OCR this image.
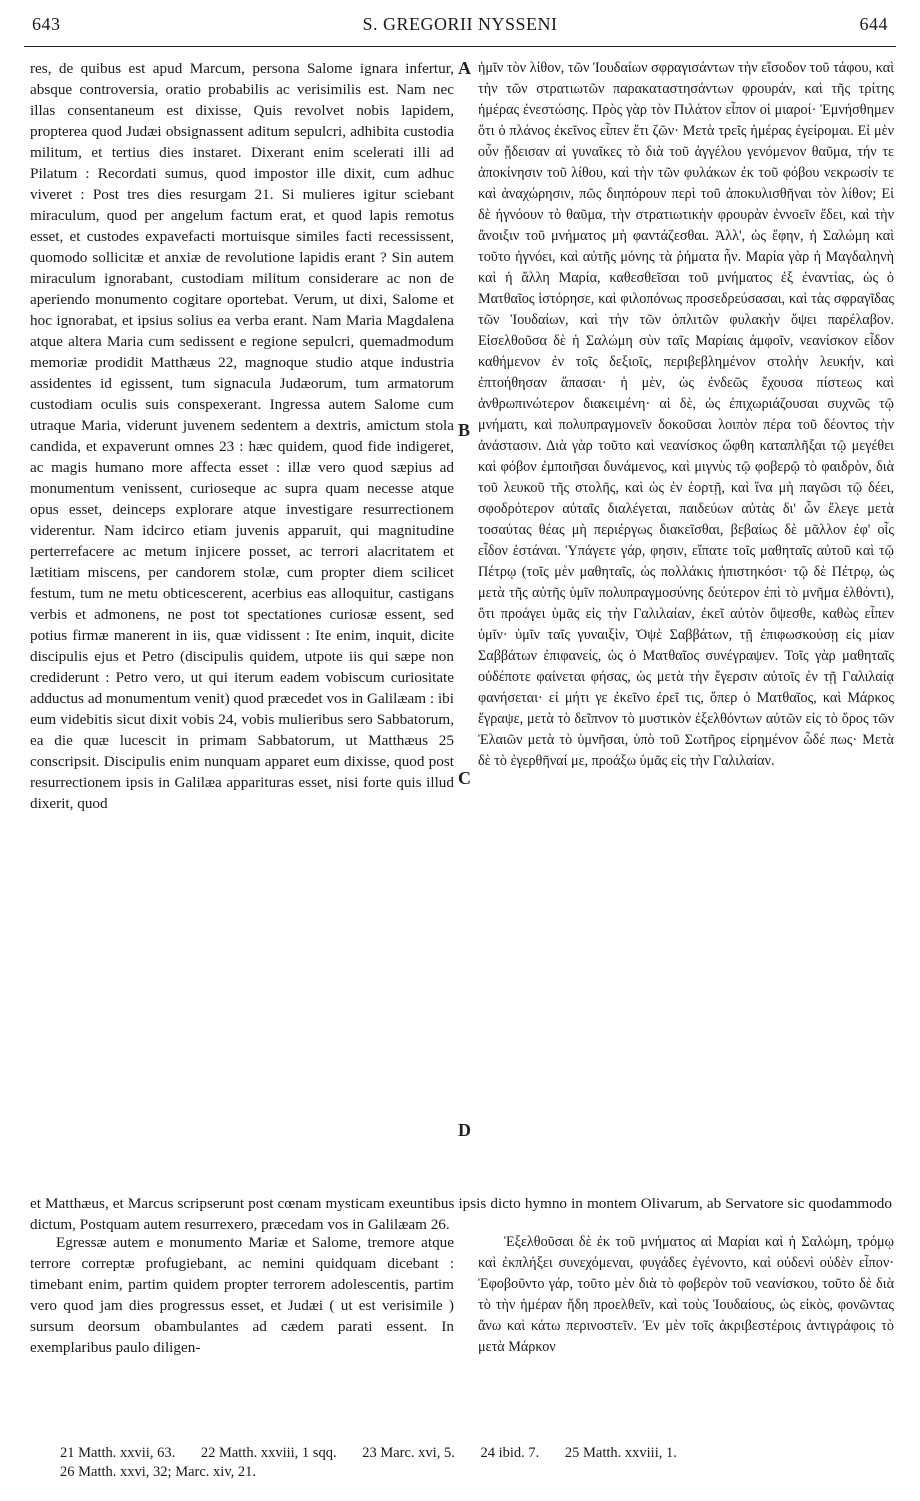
643	S. GREGORII NYSSENI	644
A
B
C
D

res, de quibus est apud Marcum, persona Salome ignara infertur, absque controversia, oratio probabilis ac verisimilis est. Nam nec illas consentaneum est dixisse, Quis revolvet nobis lapidem, propterea quod Judæi obsignassent aditum sepulcri, adhibita custodia militum, et tertius dies instaret. Dixerant enim scelerati illi ad Pilatum : Recordati sumus, quod impostor ille dixit, cum adhuc viveret : Post tres dies resurgam 21. Si mulieres igitur sciebant miraculum, quod per angelum factum erat, et quod lapis remotus esset, et custodes expavefacti mortuisque similes facti recessissent, quomodo sollicitæ et anxiæ de revolutione lapidis erant ? Sin autem miraculum ignorabant, custodiam militum considerare ac non de aperiendo monumento cogitare oportebat. Verum, ut dixi, Salome et hoc ignorabat, et ipsius solius ea verba erant. Nam Maria Magdalena atque altera Maria cum sedissent e regione sepulcri, quemadmodum memoriæ prodidit Matthæus 22, magnoque studio atque industria assidentes id egissent, tum signacula Judæorum, tum armatorum custodiam oculis suis conspexerant. Ingressa autem Salome cum utraque Maria, viderunt juvenem sedentem a dextris, amictum stola candida, et expaverunt omnes 23 : hæc quidem, quod fide indigeret, ac magis humano more affecta esset : illæ vero quod sæpius ad monumentum venissent, curioseque ac supra quam necesse atque opus esset, deinceps explorare atque investigare resurrectionem viderentur. Nam idcirco etiam juvenis apparuit, qui magnitudine perterrefacere ac metum injicere posset, ac terrori alacritatem et lætitiam miscens, per candorem stolæ, cum propter diem scilicet festum, tum ne metu obticescerent, acerbius eas alloquitur, castigans verbis et admonens, ne post tot spectationes curiosæ essent, sed potius firmæ manerent in iis, quæ vidissent : Ite enim, inquit, dicite discipulis ejus et Petro (discipulis quidem, utpote iis qui sæpe non crediderunt : Petro vero, ut qui iterum eadem vobiscum curiositate adductus ad monumentum venit) quod præcedet vos in Galilæam : ibi eum videbitis sicut dixit vobis 24, vobis mulieribus sero Sabbatorum, ea die quæ lucescit in primam Sabbatorum, ut Matthæus 25 conscripsit. Discipulis enim nunquam apparet eum dixisse, quod post resurrectionem ipsis in Galilæa apparituras esset, nisi forte quis illud dixerit, quod

ἡμῖν τὸν λίθον, τῶν Ἰουδαίων σφραγισάντων τὴν εἴσοδον τοῦ τάφου, καὶ τὴν τῶν στρατιωτῶν παρακαταστησάντων φρουράν, καὶ τῆς τρίτης ἡμέρας ἐνεστώσης. Πρὸς γὰρ τὸν Πιλάτον εἶπον οἱ μιαροί· Ἐμνήσθημεν ὅτι ὁ πλάνος ἐκεῖνος εἶπεν ἔτι ζῶν· Μετὰ τρεῖς ἡμέρας ἐγείρομαι. Εἰ μὲν οὖν ᾔδεισαν αἱ γυναῖκες τὸ διὰ τοῦ ἀγγέλου γενόμενον θαῦμα, τήν τε ἀποκίνησιν τοῦ λίθου, καὶ τὴν τῶν φυλάκων ἐκ τοῦ φόβου νεκρωσίν τε καὶ ἀναχώρησιν, πῶς διηπόρουν περὶ τοῦ ἀποκυλισθῆναι τὸν λίθον; Εἰ δὲ ἠγνόουν τὸ θαῦμα, τὴν στρατιωτικὴν φρουρὰν ἐννοεῖν ἔδει, καὶ τὴν ἄνοιξιν τοῦ μνήματος μὴ φαντάζεσθαι. Ἀλλ', ὡς ἔφην, ἡ Σαλώμη καὶ τοῦτο ἠγνόει, καὶ αὐτῆς μόνης τὰ ῥήματα ἦν. Μαρία γὰρ ἡ Μαγδαληνὴ καὶ ἡ ἄλλη Μαρία, καθεσθεῖσαι τοῦ μνήματος ἐξ ἐναντίας, ὡς ὁ Ματθαῖος ἱστόρησε, καὶ φιλοπόνως προσεδρεύσασαι, καὶ τὰς σφραγῖδας τῶν Ἰουδαίων, καὶ τὴν τῶν ὁπλιτῶν φυλακὴν ὄψει παρέλαβον. Εἰσελθοῦσα δὲ ἡ Σαλώμη σὺν ταῖς Μαρίαις ἀμφοῖν, νεανίσκον εἶδον καθήμενον ἐν τοῖς δεξιοῖς, περιβεβλημένον στολὴν λευκήν, καὶ ἐπτοήθησαν ἅπασαι· ἡ μὲν, ὡς ἐνδεῶς ἔχουσα πίστεως καὶ ἀνθρωπινώτερον διακειμένη· αἱ δὲ, ὡς ἐπιχωριάζουσαι συχνῶς τῷ μνήματι, καὶ πολυπραγμονεῖν δοκοῦσαι λοιπὸν πέρα τοῦ δέοντος τὴν ἀνάστασιν. Διὰ γὰρ τοῦτο καὶ νεανίσκος ὤφθη καταπλῆξαι τῷ μεγέθει καὶ φόβον ἐμποιῆσαι δυνάμενος, καὶ μιγνὺς τῷ φοβερῷ τὸ φαιδρὸν, διὰ τοῦ λευκοῦ τῆς στολῆς, καὶ ὡς ἐν ἑορτῇ, καὶ ἵνα μὴ παγῶσι τῷ δέει, σφοδρότερον αὐταῖς διαλέγεται, παιδεύων αὐτὰς δι' ὧν ἔλεγε μετὰ τοσαύτας θέας μὴ περιέργως διακεῖσθαι, βεβαίως δὲ μᾶλλον ἐφ' οἷς εἶδον ἑστάναι. Ὑπάγετε γάρ, φησιν, εἴπατε τοῖς μαθηταῖς αὐτοῦ καὶ τῷ Πέτρῳ (τοῖς μὲν μαθηταῖς, ὡς πολλάκις ἠπιστηκόσι· τῷ δὲ Πέτρῳ, ὡς μετὰ τῆς αὐτῆς ὑμῖν πολυπραγμοσύνης δεύτερον ἐπὶ τὸ μνῆμα ἐλθόντι), ὅτι προάγει ὑμᾶς εἰς τὴν Γαλιλαίαν, ἐκεῖ αὐτὸν ὄψεσθε, καθὼς εἶπεν ὑμῖν· ὑμῖν ταῖς γυναιξὶν, Ὀψὲ Σαββάτων, τῇ ἐπιφωσκούσῃ εἰς μίαν Σαββάτων ἐπιφανείς, ὡς ὁ Ματθαῖος συνέγραψεν. Τοῖς γὰρ μαθηταῖς οὐδέποτε φαίνεται φήσας, ὡς μετὰ τὴν ἔγερσιν αὐτοῖς ἐν τῇ Γαλιλαίᾳ φανήσεται· εἰ μήτι γε ἐκεῖνο ἐρεῖ τις, ὅπερ ὁ Ματθαῖος, καὶ Μάρκος ἔγραψε, μετὰ τὸ δεῖπνον τὸ μυστικὸν ἐξελθόντων αὐτῶν εἰς τὸ ὄρος τῶν Ἐλαιῶν μετὰ τὸ ὑμνῆσαι, ὑπὸ τοῦ Σωτῆρος εἰρημένον ὧδέ πως· Μετὰ δὲ τὸ ἐγερθῆναί με, προάξω ὑμᾶς εἰς τὴν Γαλιλαίαν.

et Matthæus, et Marcus scripserunt post cœnam mysticam exeuntibus ipsis dicto hymno in montem Olivarum, ab Servatore sic quodammodo dictum, Postquam autem resurrexero, præcedam vos in Galilæam 26.

Egressæ autem e monumento Mariæ et Salome, tremore atque terrore correptæ profugiebant, ac nemini quidquam dicebant : timebant enim, partim quidem propter terrorem adolescentis, partim vero quod jam dies progressus esset, et Judæi ( ut est verisimile ) sursum deorsum obambulantes ad cædem parati essent. In exemplaribus paulo diligen-

Ἐξελθοῦσαι δὲ ἐκ τοῦ μνήματος αἱ Μαρίαι καὶ ἡ Σαλώμη, τρόμῳ καὶ ἐκπλήξει συνεχόμεναι, φυγάδες ἐγένοντο, καὶ οὐδενὶ οὐδὲν εἶπον· Ἐφοβοῦντο γάρ, τοῦτο μὲν διὰ τὸ φοβερὸν τοῦ νεανίσκου, τοῦτο δὲ διὰ τὸ τὴν ἡμέραν ἤδη προελθεῖν, καὶ τοὺς Ἰουδαίους, ὡς εἰκὸς, φονῶντας ἄνω καὶ κάτω περινοστεῖν. Ἐν μὲν τοῖς ἀκριβεστέροις ἀντιγράφοις τὸ μετὰ Μάρκον

21 Matth. xxvii, 63. 22 Matth. xxviii, 1 sqq. 23 Marc. xvi, 5. 24 ibid. 7. 25 Matth. xxviii, 1.
26 Matth. xxvi, 32; Marc. xiv, 21.
